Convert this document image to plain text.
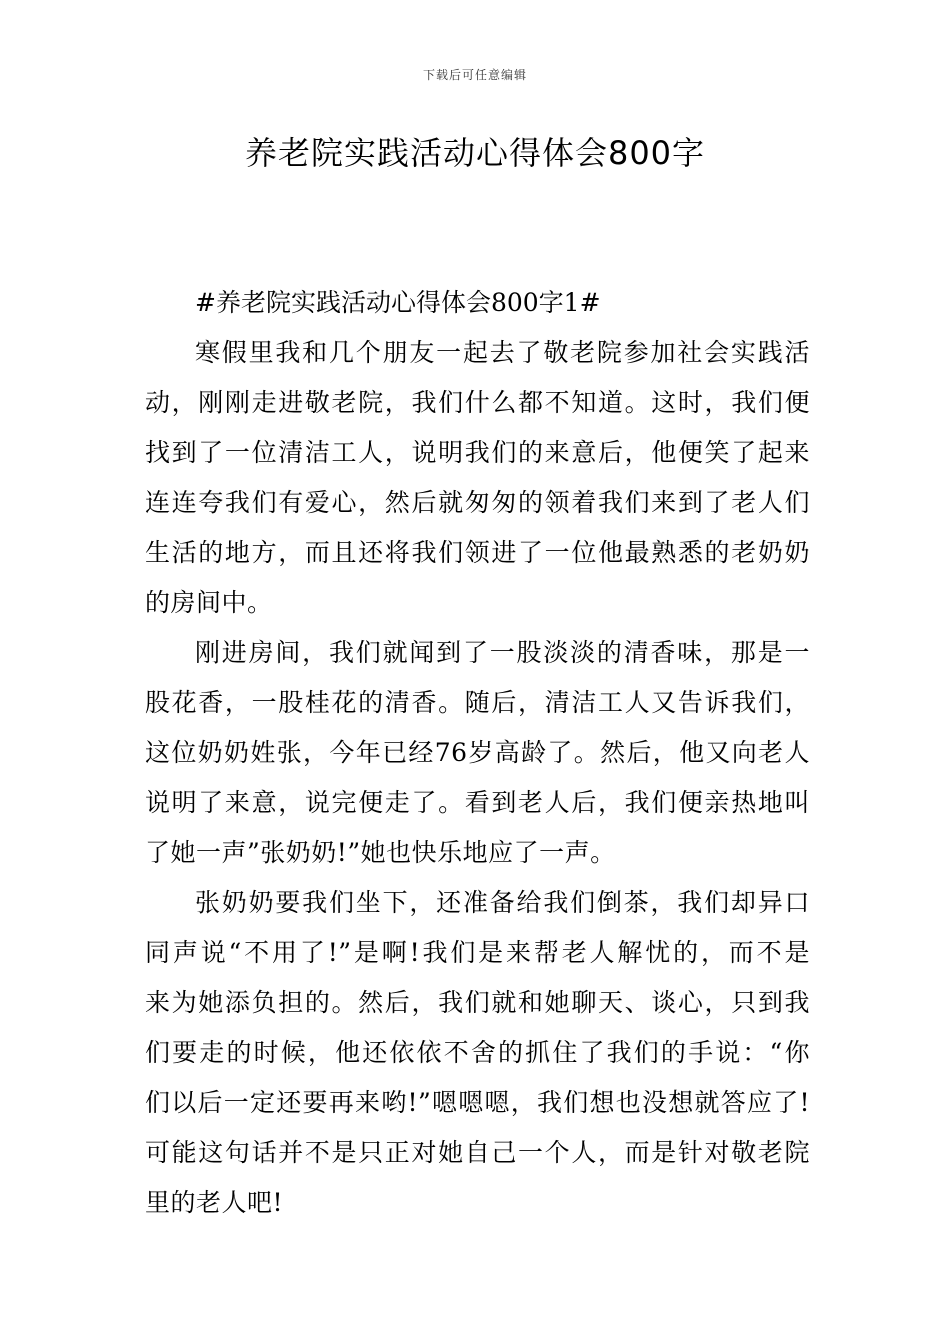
下载后可任意编辑
养老院实践活动心得体会800字

#养老院实践活动心得体会800字1#

寒假里我和几个朋友一起去了敬老院参加社会实践活

动，刚刚走进敬老院，我们什么都不知道。这时，我们便

找到了一位清洁工人，说明我们的来意后，他便笑了起来

连连夸我们有爱心，然后就匆匆的领着我们来到了老人们

生活的地方，而且还将我们领进了一位他最熟悉的老奶奶

的房间中。

刚进房间，我们就闻到了一股淡淡的清香味，那是一

股花香，一股桂花的清香。随后，清洁工人又告诉我们，

这位奶奶姓张，今年已经76岁高龄了。然后，他又向老人

说明了来意，说完便走了。看到老人后，我们便亲热地叫

了她一声”张奶奶!”她也快乐地应了一声。

张奶奶要我们坐下，还准备给我们倒茶，我们却异口

同声说“不用了!”是啊!我们是来帮老人解忧的，而不是

来为她添负担的。然后，我们就和她聊天、谈心，只到我

们要走的时候，他还依依不舍的抓住了我们的手说：“你

们以后一定还要再来哟!”嗯嗯嗯，我们想也没想就答应了!

可能这句话并不是只正对她自己一个人，而是针对敬老院

里的老人吧!
